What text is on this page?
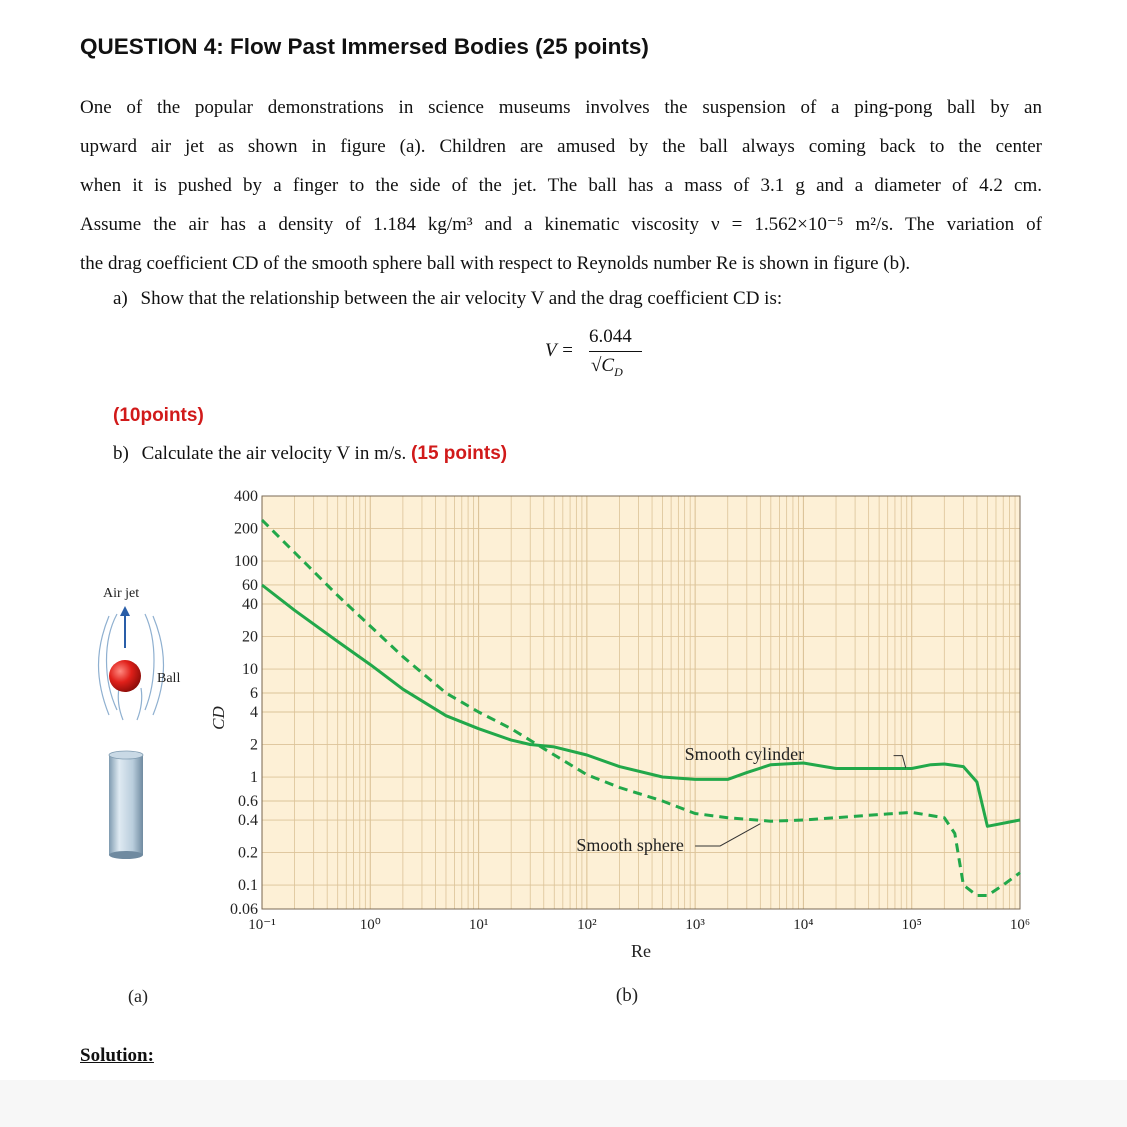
QUESTION 4: Flow Past Immersed Bodies (25 points)

One of the popular demonstrations in science museums involves the suspension of a ping-pong ball by an

upward air jet as shown in figure (a). Children are amused by the ball always coming back to the center

when it is pushed by a finger to the side of the jet. The ball has a mass of 3.1 g and a diameter of 4.2 cm.

Assume the air has a density of 1.184 kg/m³ and a kinematic viscosity ν = 1.562×10⁻⁵ m²/s. The variation of

the drag coefficient CD of the smooth sphere ball with respect to Reynolds number Re is shown in figure (b).

a) Show that the relationship between the air velocity V and the drag coefficient CD is:
V =
6.044
$√C_D$
(10points)
b) Calculate the air velocity V in m/s. (15 points)
Air jet
Ball
(a)
400
200
100
60
40
20
10
6
4
2
1
0.6
0.4
0.2
0.1
0.06
10⁻¹	10⁰	10¹	10²	10³	10⁴	10⁵	10⁶
CD
Re
(b)
Smooth cylinder
Smooth sphere
Solution:
